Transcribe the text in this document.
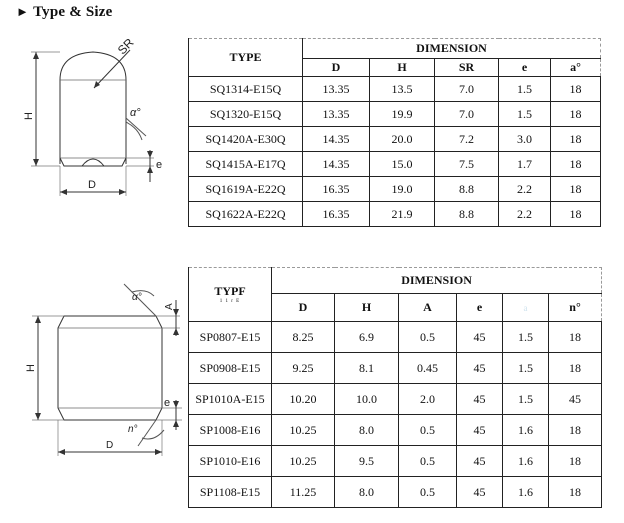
► Type & Size
SR
H	α°
e
D
TYPE	DIMENSION				
	D	H	SR	e	a°
SQ1314-E15Q	13.35	13.5	7.0	1.5	18
SQ1320-E15Q	13.35	19.9	7.0	1.5	18
SQ1420A-E30Q	14.35	20.0	7.2	3.0	18
SQ1415A-E17Q	14.35	15.0	7.5	1.7	18
SQ1619A-E22Q	16.35	19.0	8.8	2.2	18
SQ1622A-E22Q	16.35	21.9	8.8	2.2	18
α°
A
H
e
n°
D
TYPF
1 1 r E	DIMENSION					
	D	H	A	e	a	n°
SP0807-E15	8.25	6.9	0.5	45	1.5	18
SP0908-E15	9.25	8.1	0.45	45	1.5	18
SP1010A-E15	10.20	10.0	2.0	45	1.5	45
SP1008-E16	10.25	8.0	0.5	45	1.6	18
SP1010-E16	10.25	9.5	0.5	45	1.6	18
SP1108-E15	11.25	8.0	0.5	45	1.6	18
